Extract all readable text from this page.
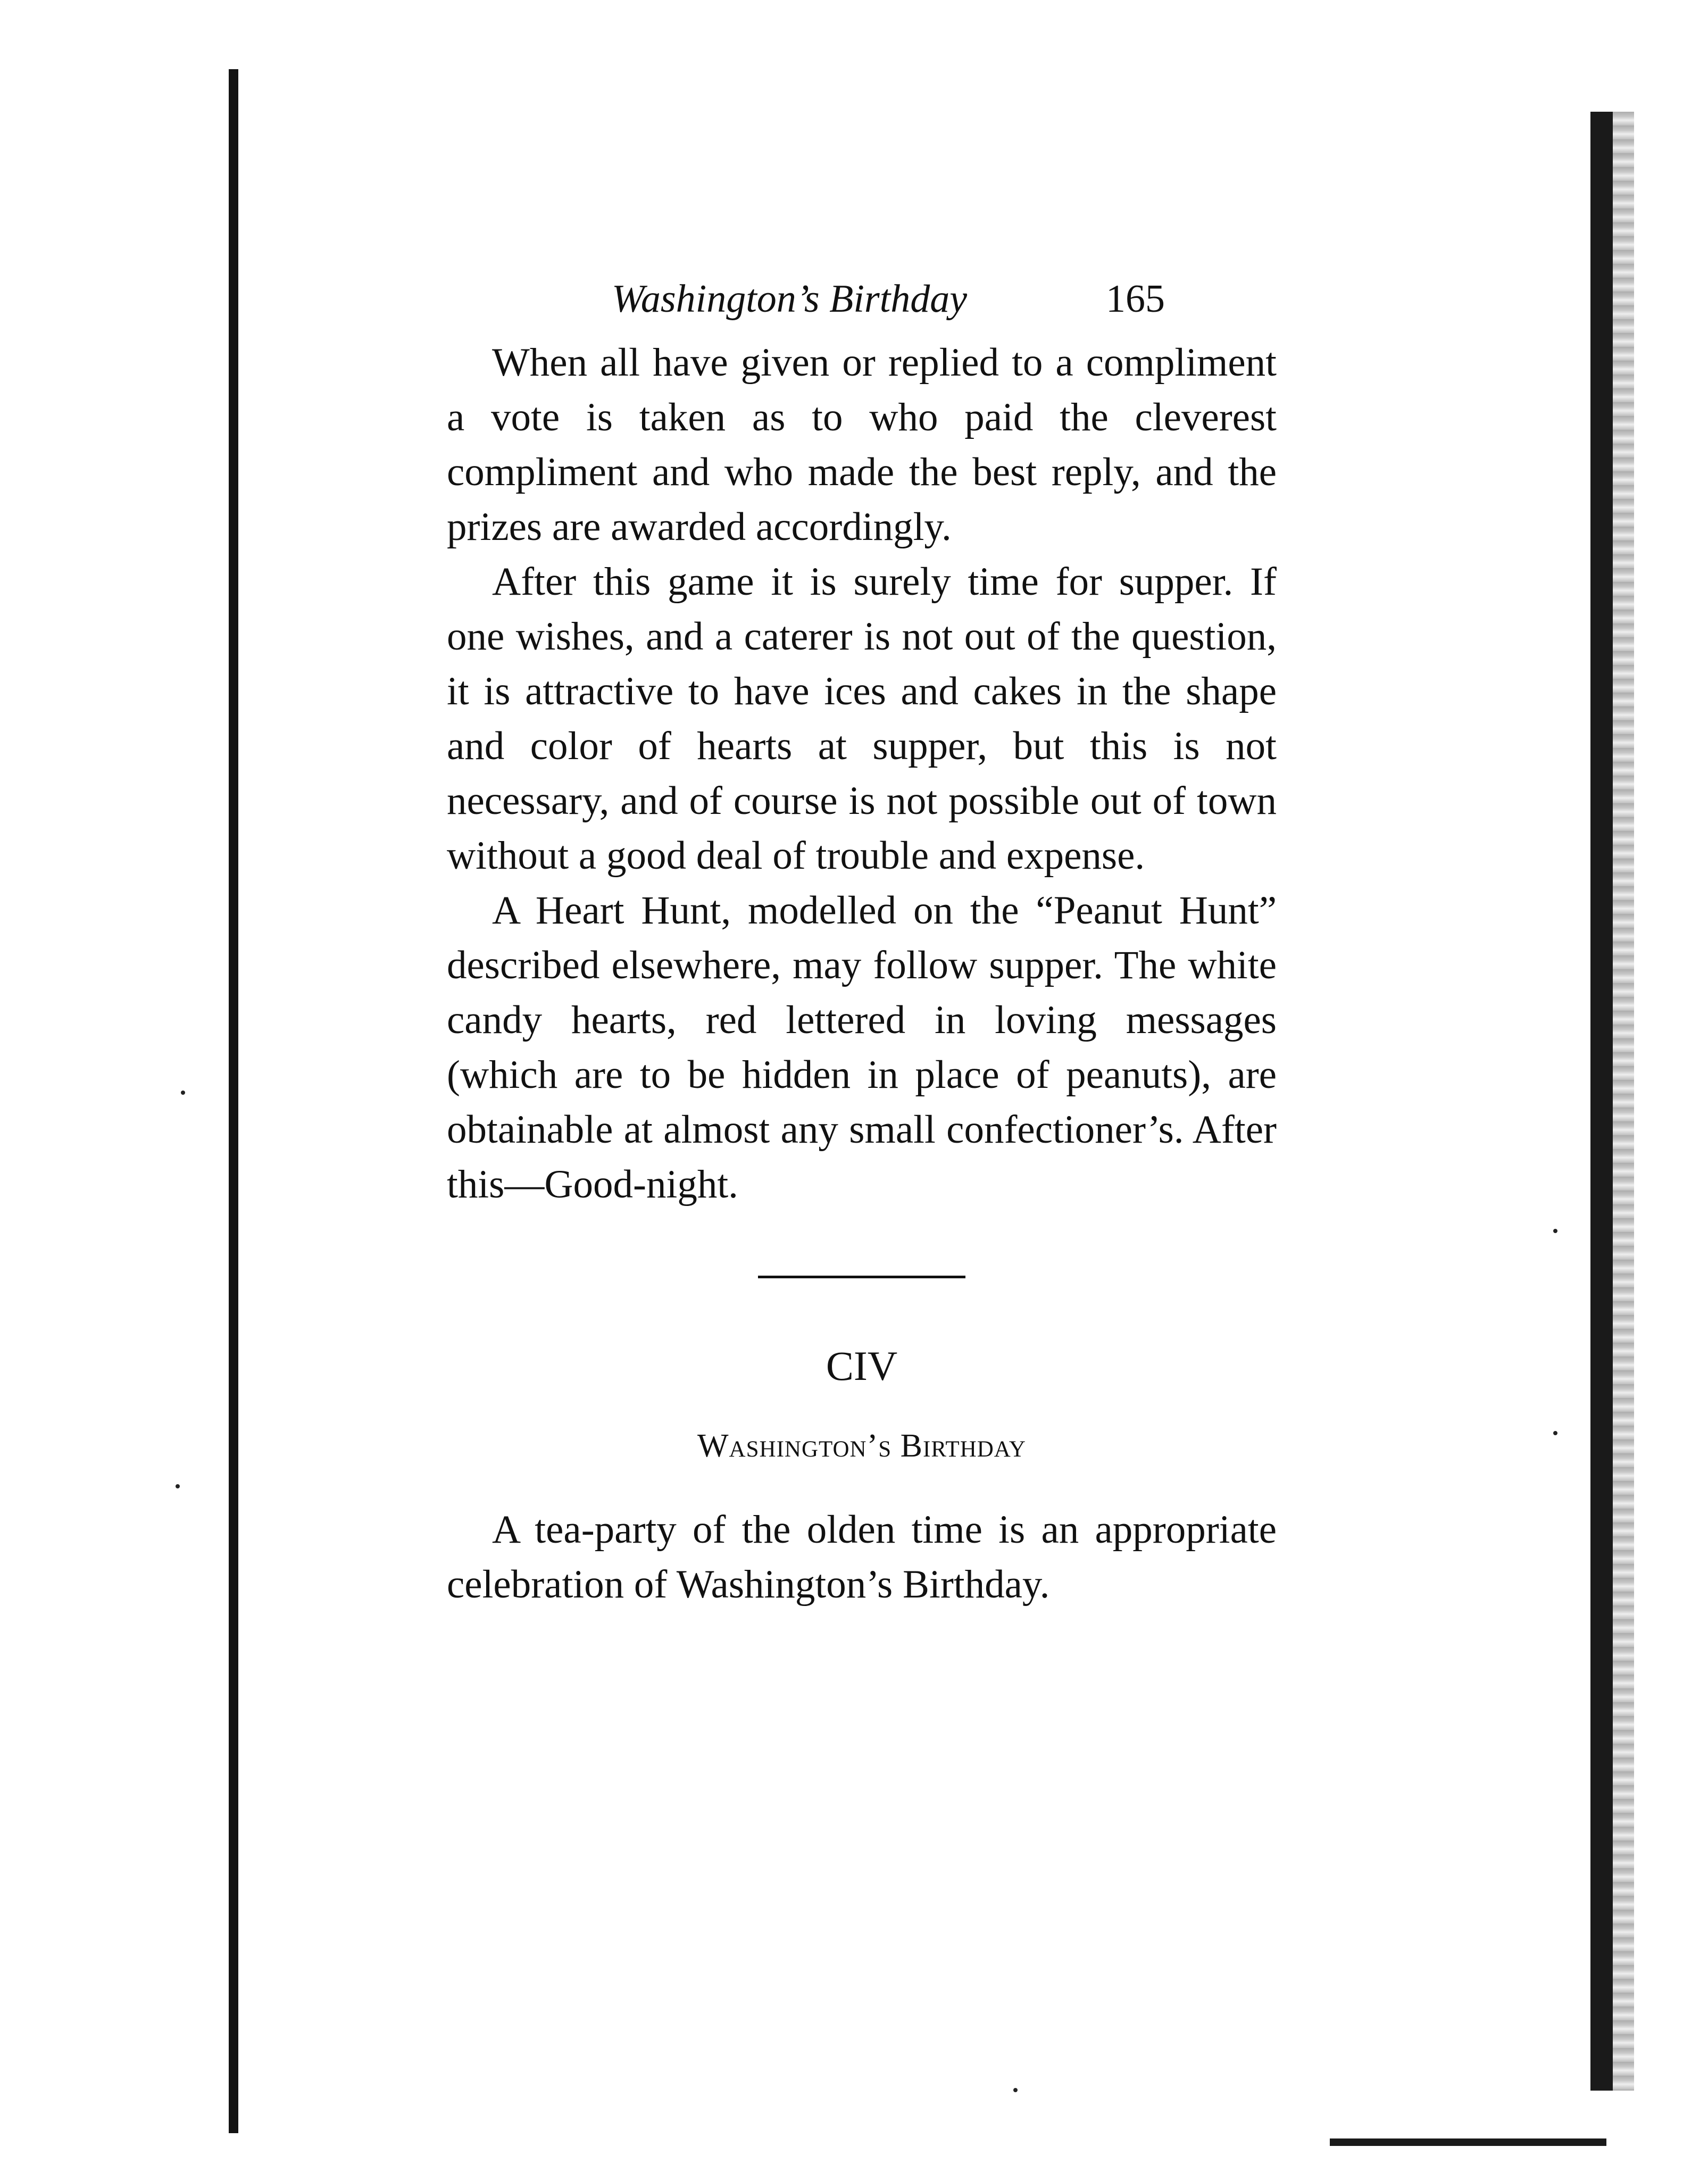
Washington’s Birthday	165

When all have given or replied to a compliment a vote is taken as to who paid the cleverest compliment and who made the best reply, and the prizes are awarded accordingly.

After this game it is surely time for supper. If one wishes, and a caterer is not out of the question, it is attractive to have ices and cakes in the shape and color of hearts at supper, but this is not necessary, and of course is not possible out of town without a good deal of trouble and expense.

A Heart Hunt, modelled on the “Peanut Hunt” described elsewhere, may follow supper. The white candy hearts, red lettered in loving messages (which are to be hidden in place of peanuts), are obtainable at almost any small confectioner’s. After this—Good-night.

CIV
Washington’s Birthday

A tea-party of the olden time is an appropriate celebration of Washington’s Birthday.
